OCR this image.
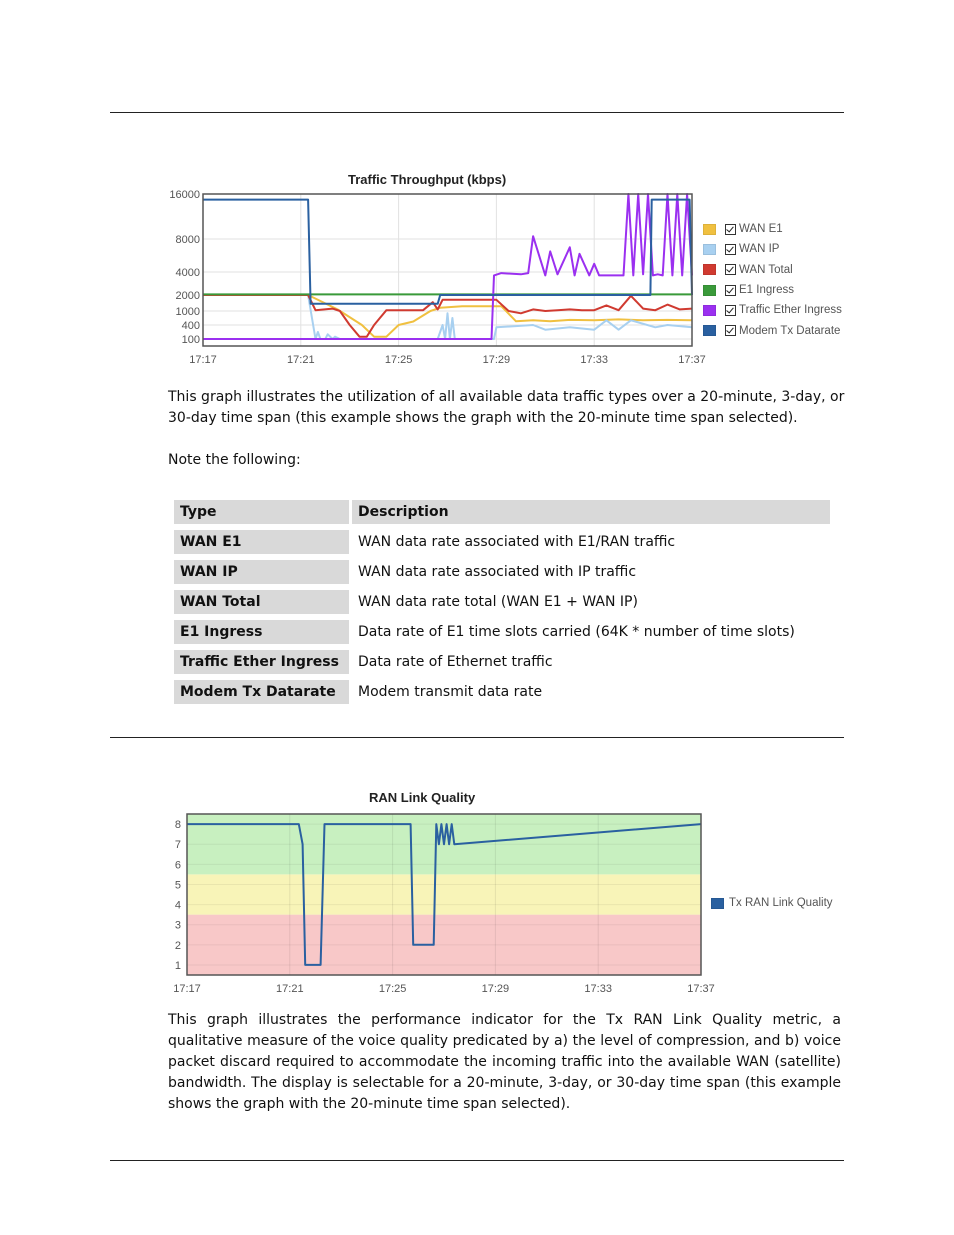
Traffic Throughput (kbps)
16000
8000
4000
2000
1000
400
100
17:17	17:21	17:25	17:29	17:33	17:37
WAN E1
WAN IP
WAN Total
E1 Ingress
Traffic Ether Ingress
Modem Tx Datarate

This graph illustrates the utilization of all available data traffic types over a 20-minute, 3-day, or 30-day time span (this example shows the graph with the 20-minute time span selected).

Note the following:

Type	Description
WAN E1	WAN data rate associated with E1/RAN traffic
WAN IP	WAN data rate associated with IP traffic
WAN Total	WAN data rate total (WAN E1 + WAN IP)
E1 Ingress	Data rate of E1 time slots carried (64K * number of time slots)
Traffic Ether Ingress	Data rate of Ethernet traffic
Modem Tx Datarate	Modem transmit data rate
RAN Link Quality
1
2
3
4
5
6
7
8
17:17	17:21	17:25	17:29	17:33	17:37
Tx RAN Link Quality

This graph illustrates the performance indicator for the Tx RAN Link Quality metric, a qualitative measure of the voice quality predicated by a) the level of compression, and b) voice packet discard required to accommodate the incoming traffic into the available WAN (satellite) bandwidth. The display is selectable for a 20-minute, 3-day, or 30-day time span (this example shows the graph with the 20-minute time span selected).
